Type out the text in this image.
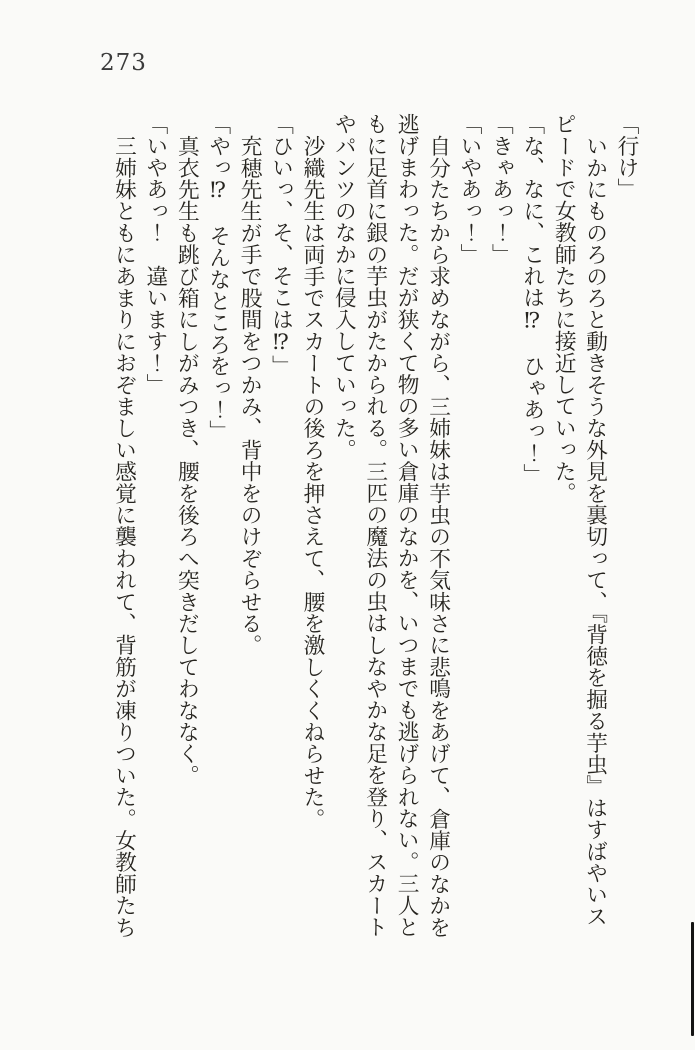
273

「行け」

いかにものろのろと動きそうな外見を裏切って、『背徳を掘る芋虫』はすばやいスピードで女教師たちに接近していった。

「な、なに、これは⁉　ひゃあっ！」

「きゃあっ！」

「いやあっ！」

自分たちから求めながら、三姉妹は芋虫の不気味さに悲鳴をあげて、倉庫のなかを逃げまわった。だが狭くて物の多い倉庫のなかを、いつまでも逃げられない。三人ともに足首に銀の芋虫がたかられる。三匹の魔法の虫はしなやかな足を登り、スカートやパンツのなかに侵入していった。

沙織先生は両手でスカートの後ろを押さえて、腰を激しくくねらせた。

「ひいっ、そ、そこは⁉」

充穂先生が手で股間をつかみ、背中をのけぞらせる。

「やっ⁉　そんなところをっ！」

真衣先生も跳び箱にしがみつき、腰を後ろへ突きだしてわななく。

「いやあっ！　違います！」

三姉妹ともにあまりにおぞましい感覚に襲われて、背筋が凍りついた。女教師たち
